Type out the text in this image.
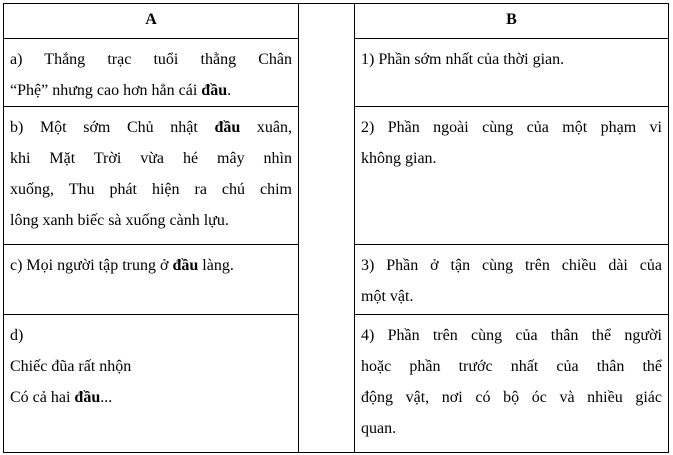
A	B
a) Thắng trạc tuổi thằng Chân
“Phệ” nhưng cao hơn hẳn cái đầu.
b) Một sớm Chủ nhật đầu xuân,
khi Mặt Trời vừa hé mây nhìn
xuống, Thu phát hiện ra chú chim
lông xanh biếc sà xuống cành lựu.
c) Mọi người tập trung ở đầu làng.
d)
Chiếc đũa rất nhộn
Có cả hai đầu...
1) Phần sớm nhất của thời gian.
2) Phần ngoài cùng của một phạm vi
không gian.
3) Phần ở tận cùng trên chiều dài của
một vật.
4) Phần trên cùng của thân thể người
hoặc phần trước nhất của thân thể
động vật, nơi có bộ óc và nhiều giác
quan.
